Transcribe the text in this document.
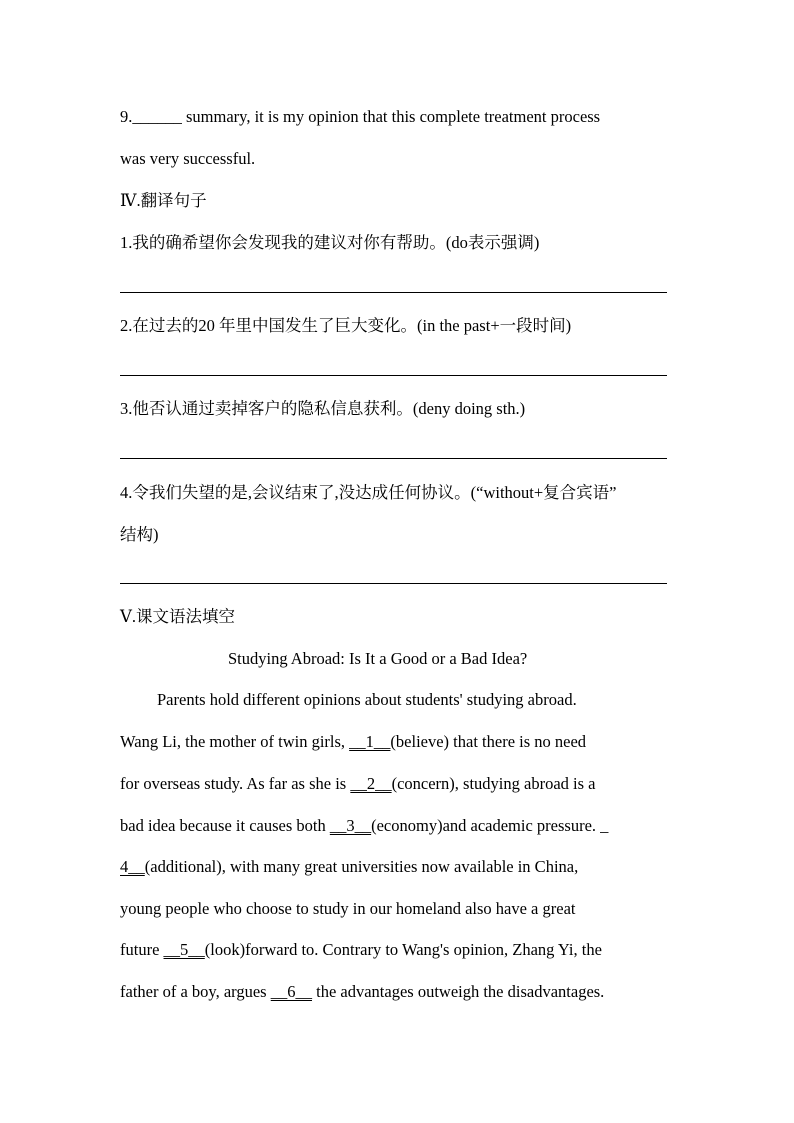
9.______ summary, it is my opinion that this complete treatment process
was very successful.
Ⅳ.翻译句子
1.我的确希望你会发现我的建议对你有帮助。(do表示强调)
2.在过去的20 年里中国发生了巨大变化。(in the past+一段时间)
3.他否认通过卖掉客户的隐私信息获利。(deny doing sth.)
4.令我们失望的是,会议结束了,没达成任何协议。(“without+复合宾语”
结构)
Ⅴ.课文语法填空
Studying Abroad: Is It a Good or a Bad Idea?
Parents hold different opinions about students' studying abroad.
Wang Li, the mother of twin girls, __1__(believe) that there is no need
for overseas study. As far as she is __2__(concern), studying abroad is a
bad idea because it causes both __3__(economy)and academic pressure. _
4__(additional), with many great universities now available in China,
young people who choose to study in our homeland also have a great
future __5__(look)forward to. Contrary to Wang's opinion, Zhang Yi, the
father of a boy, argues __6__ the advantages outweigh the disadvantages.
